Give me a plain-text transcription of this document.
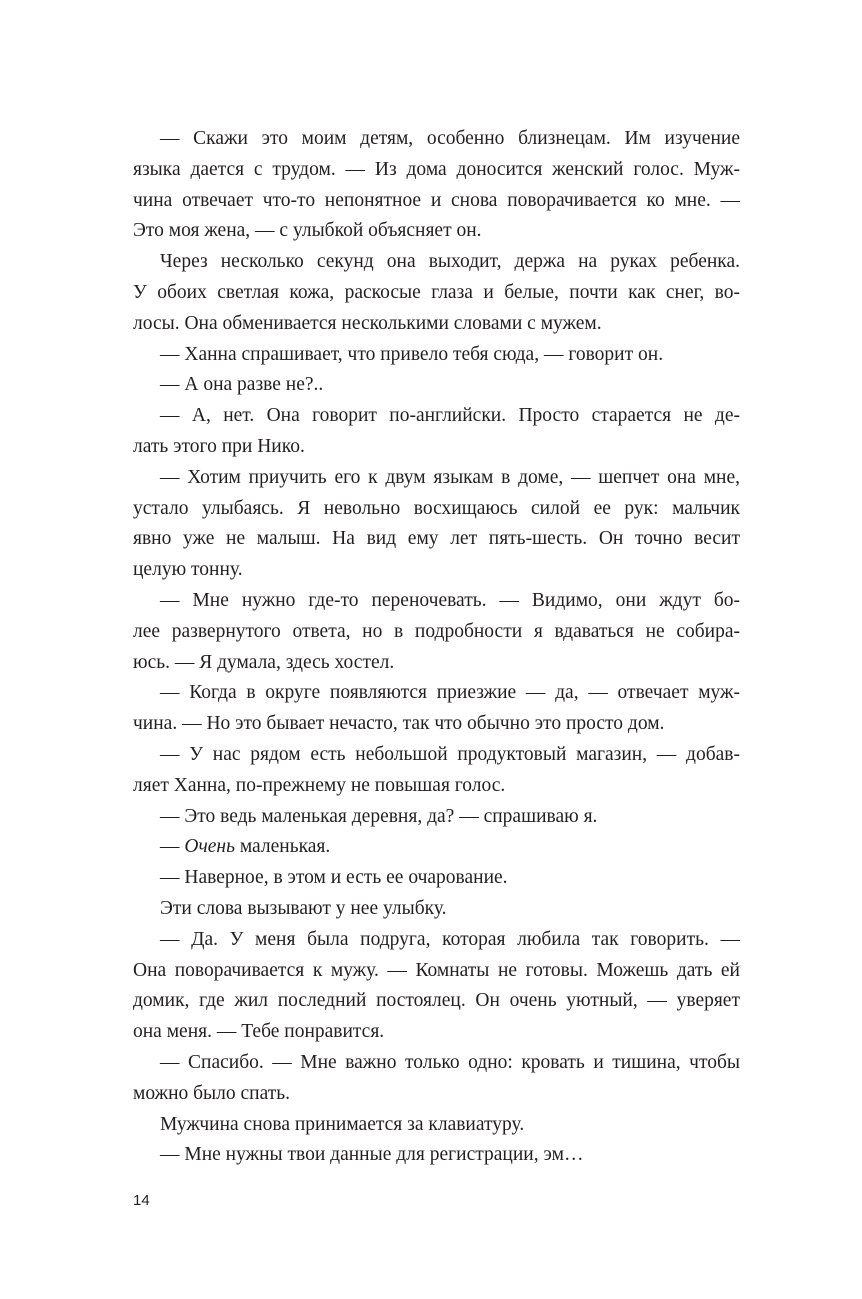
— Скажи это моим детям, особенно близнецам. Им изучение
языка дается с трудом. — Из дома доносится женский голос. Муж-
чина отвечает что-то непонятное и снова поворачивается ко мне. —
Это моя жена, — с улыбкой объясняет он.
Через несколько секунд она выходит, держа на руках ребенка.
У обоих светлая кожа, раскосые глаза и белые, почти как снег, во-
лосы. Она обменивается несколькими словами с мужем.
— Ханна спрашивает, что привело тебя сюда, — говорит он.
— А она разве не?..
— А, нет. Она говорит по-английски. Просто старается не де-
лать этого при Нико.
— Хотим приучить его к двум языкам в доме, — шепчет она мне,
устало улыбаясь. Я невольно восхищаюсь силой ее рук: мальчик
явно уже не малыш. На вид ему лет пять-шесть. Он точно весит
целую тонну.
— Мне нужно где-то переночевать. — Видимо, они ждут бо-
лее развернутого ответа, но в подробности я вдаваться не собира-
юсь. — Я думала, здесь хостел.
— Когда в округе появляются приезжие — да, — отвечает муж-
чина. — Но это бывает нечасто, так что обычно это просто дом.
— У нас рядом есть небольшой продуктовый магазин, — добав-
ляет Ханна, по-прежнему не повышая голос.
— Это ведь маленькая деревня, да? — спрашиваю я.
— Очень маленькая.
— Наверное, в этом и есть ее очарование.
Эти слова вызывают у нее улыбку.
— Да. У меня была подруга, которая любила так говорить. —
Она поворачивается к мужу. — Комнаты не готовы. Можешь дать ей
домик, где жил последний постоялец. Он очень уютный, — уверяет
она меня. — Тебе понравится.
— Спасибо. — Мне важно только одно: кровать и тишина, чтобы
можно было спать.
Мужчина снова принимается за клавиатуру.
— Мне нужны твои данные для регистрации, эм…
14
